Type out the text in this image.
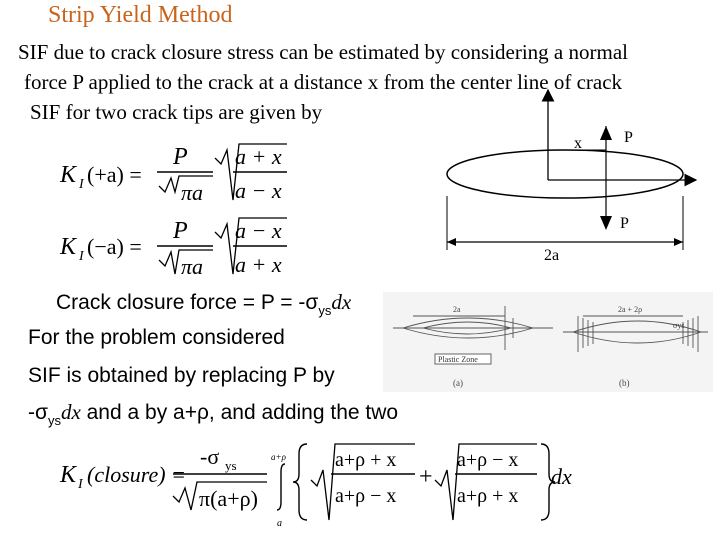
Strip Yield Method
SIF due to crack closure stress can be estimated by considering a normal
force P applied to the crack at a distance x from the center line of crack
SIF for two crack tips are given by
K I (+a) =
P
πa
a + x
a − x
K I (−a) =
P
πa
a − x
a + x
x	P
P
2a
Crack closure force = $P = -\sigma_{ys}dx$
For the problem considered
SIF is obtained by replacing P by
$-\sigma_{ys}dx$ and a by a+ρ, and adding the two
2a
Plastic Zone
(a)
2a + 2ρ
σys
(b)
K I (closure) =
-σ ys
π(a+ρ)
a+ρ
a
a+ρ + x
a+ρ − x
+
a+ρ − x
a+ρ + x
dx
